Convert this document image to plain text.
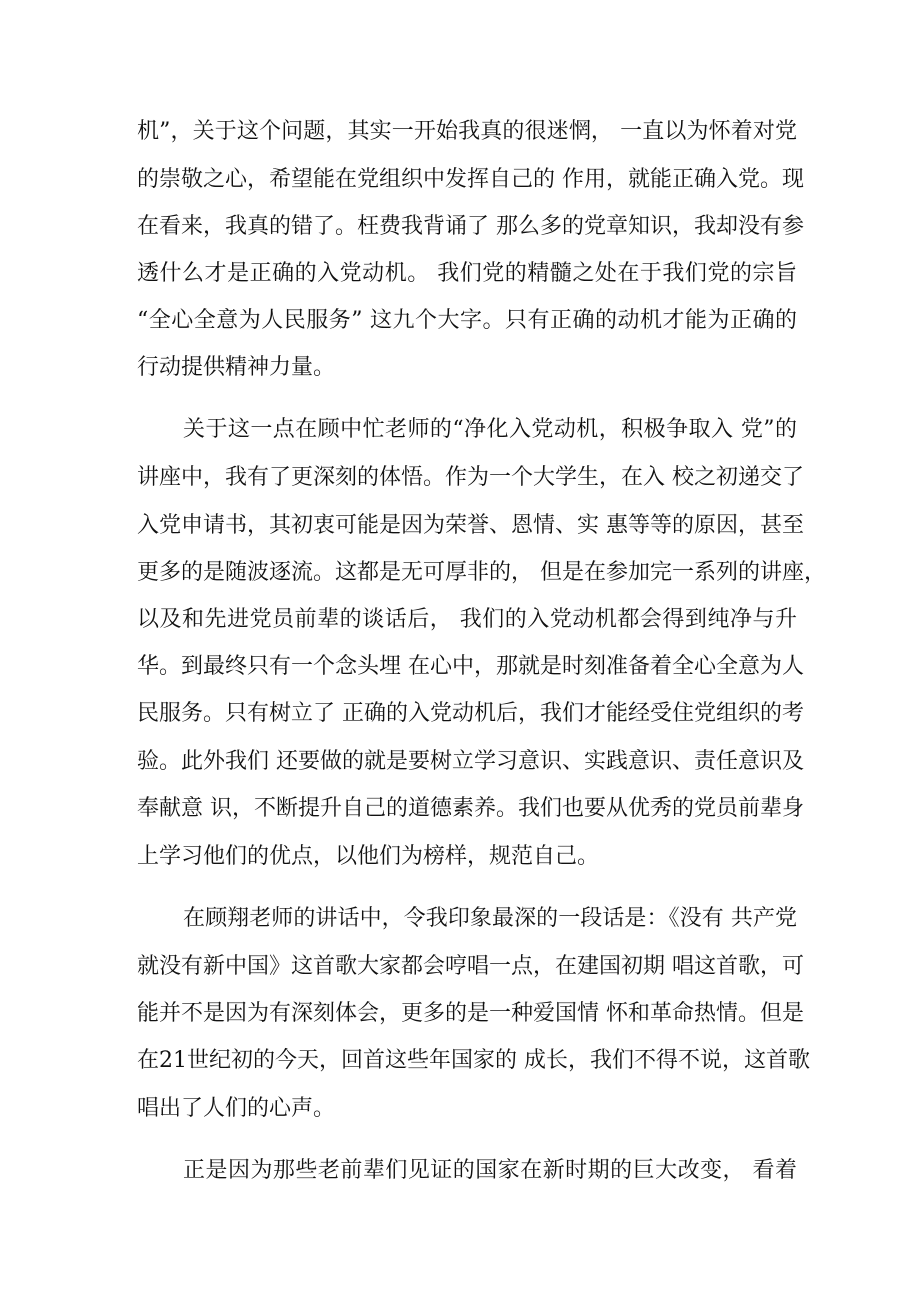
机”，关于这个问题，其实一开始我真的很迷惘， 一直以为怀着对党
的崇敬之心，希望能在党组织中发挥自己的 作用，就能正确入党。现
在看来，我真的错了。枉费我背诵了 那么多的党章知识，我却没有参
透什么才是正确的入党动机。 我们党的精髓之处在于我们党的宗旨
“全心全意为人民服务” 这九个大字。只有正确的动机才能为正确的
行动提供精神力量。
关于这一点在顾中忙老师的“净化入党动机，积极争取入 党”的
讲座中，我有了更深刻的体悟。作为一个大学生，在入 校之初递交了
入党申请书，其初衷可能是因为荣誉、恩情、实 惠等等的原因，甚至
更多的是随波逐流。这都是无可厚非的， 但是在参加完一系列的讲座，
以及和先进党员前辈的谈话后， 我们的入党动机都会得到纯净与升
华。到最终只有一个念头埋 在心中，那就是时刻准备着全心全意为人
民服务。只有树立了 正确的入党动机后，我们才能经受住党组织的考
验。此外我们 还要做的就是要树立学习意识、实践意识、责任意识及
奉献意 识，不断提升自己的道德素养。我们也要从优秀的党员前辈身
上学习他们的优点，以他们为榜样，规范自己。
在顾翔老师的讲话中，令我印象最深的一段话是：《没有 共产党
就没有新中国》这首歌大家都会哼唱一点，在建国初期 唱这首歌，可
能并不是因为有深刻体会，更多的是一种爱国情 怀和革命热情。但是
在21世纪初的今天，回首这些年国家的 成长，我们不得不说，这首歌
唱出了人们的心声。
正是因为那些老前辈们见证的国家在新时期的巨大改变， 看着
